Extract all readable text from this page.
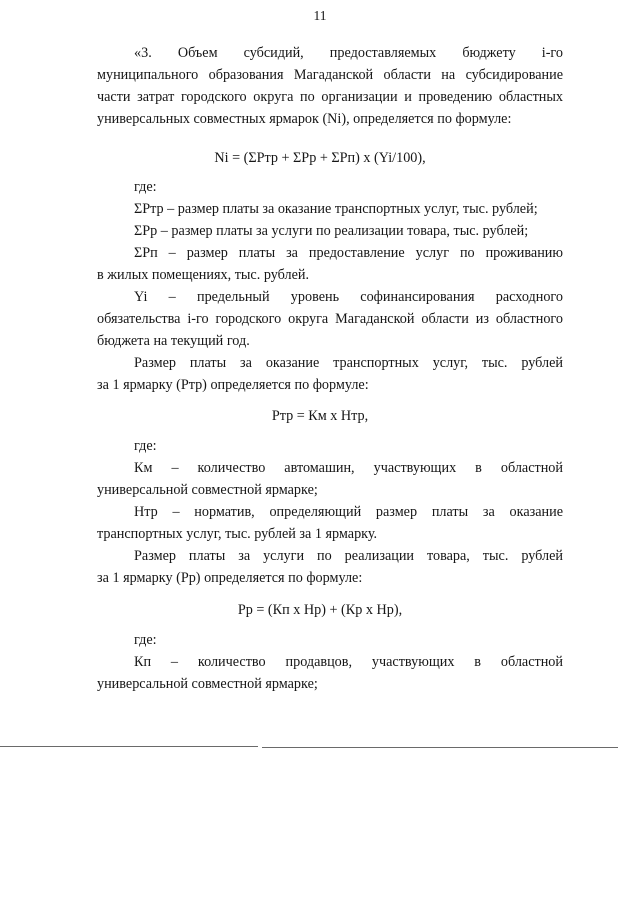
11
«3. Объем субсидий, предоставляемых бюджету i-го
муниципального образования Магаданской области на субсидирование
части затрат городского округа по организации и проведению областных
универсальных совместных ярмарок (Ni), определяется по формуле:
Ni = (ΣРтр + ΣРр + ΣРп) x (Yi/100),
где:
ΣРтр – размер платы за оказание транспортных услуг, тыс. рублей;
ΣРр – размер платы за услуги по реализации товара, тыс. рублей;
ΣРп – размер платы за предоставление услуг по проживанию
в жилых помещениях, тыс. рублей.
Yi – предельный уровень софинансирования расходного
обязательства i-го городского округа Магаданской области из областного
бюджета на текущий год.
Размер платы за оказание транспортных услуг, тыс. рублей
за 1 ярмарку (Ртр) определяется по формуле:
Ртр = Км х Нтр,
где:
Км – количество автомашин, участвующих в областной
универсальной совместной ярмарке;
Нтр – норматив, определяющий размер платы за оказание
транспортных услуг, тыс. рублей за 1 ярмарку.
Размер платы за услуги по реализации товара, тыс. рублей
за 1 ярмарку (Рр) определяется по формуле:
Рр = (Кп х Нр) + (Кр х Нр),
где:
Кп – количество продавцов, участвующих в областной
универсальной совместной ярмарке;
